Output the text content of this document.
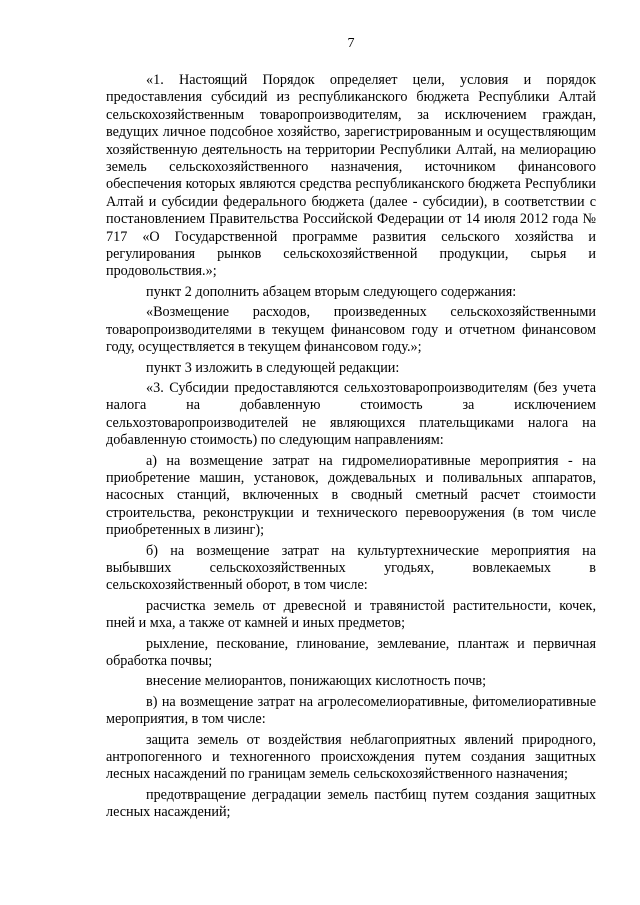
7

«1. Настоящий Порядок определяет цели, условия и порядок предоставления субсидий из республиканского бюджета Республики Алтай сельскохозяйственным товаропроизводителям, за исключением граждан, ведущих личное подсобное хозяйство, зарегистрированным и осуществляющим хозяйственную деятельность на территории Республики Алтай, на мелиорацию земель сельскохозяйственного назначения, источником финансового обеспечения которых являются средства республиканского бюджета Республики Алтай и субсидии федерального бюджета (далее - субсидии), в соответствии с постановлением Правительства Российской Федерации от 14 июля 2012 года № 717 «О Государственной программе развития сельского хозяйства и регулирования рынков сельскохозяйственной продукции, сырья и продовольствия.»;

пункт 2 дополнить абзацем вторым следующего содержания:

«Возмещение расходов, произведенных сельскохозяйственными товаропроизводителями в текущем финансовом году и отчетном финансовом году, осуществляется в текущем финансовом году.»;

пункт 3 изложить в следующей редакции:

«3. Субсидии предоставляются сельхозтоваропроизводителям (без учета налога на добавленную стоимость за исключением сельхозтоваропроизводителей не являющихся плательщиками налога на добавленную стоимость) по следующим направлениям:

а) на возмещение затрат на гидромелиоративные мероприятия - на приобретение машин, установок, дождевальных и поливальных аппаратов, насосных станций, включенных в сводный сметный расчет стоимости строительства, реконструкции и технического перевооружения (в том числе приобретенных в лизинг);

б) на возмещение затрат на культуртехнические мероприятия на выбывших сельскохозяйственных угодьях, вовлекаемых в сельскохозяйственный оборот, в том числе:

расчистка земель от древесной и травянистой растительности, кочек, пней и мха, а также от камней и иных предметов;

рыхление, пескование, глинование, землевание, плантаж и первичная обработка почвы;

внесение мелиорантов, понижающих кислотность почв;

в) на возмещение затрат на агролесомелиоративные, фитомелиоративные мероприятия, в том числе:

защита земель от воздействия неблагоприятных явлений природного, антропогенного и техногенного происхождения путем создания защитных лесных насаждений по границам земель сельскохозяйственного назначения;

предотвращение деградации земель пастбищ путем создания защитных лесных насаждений;
